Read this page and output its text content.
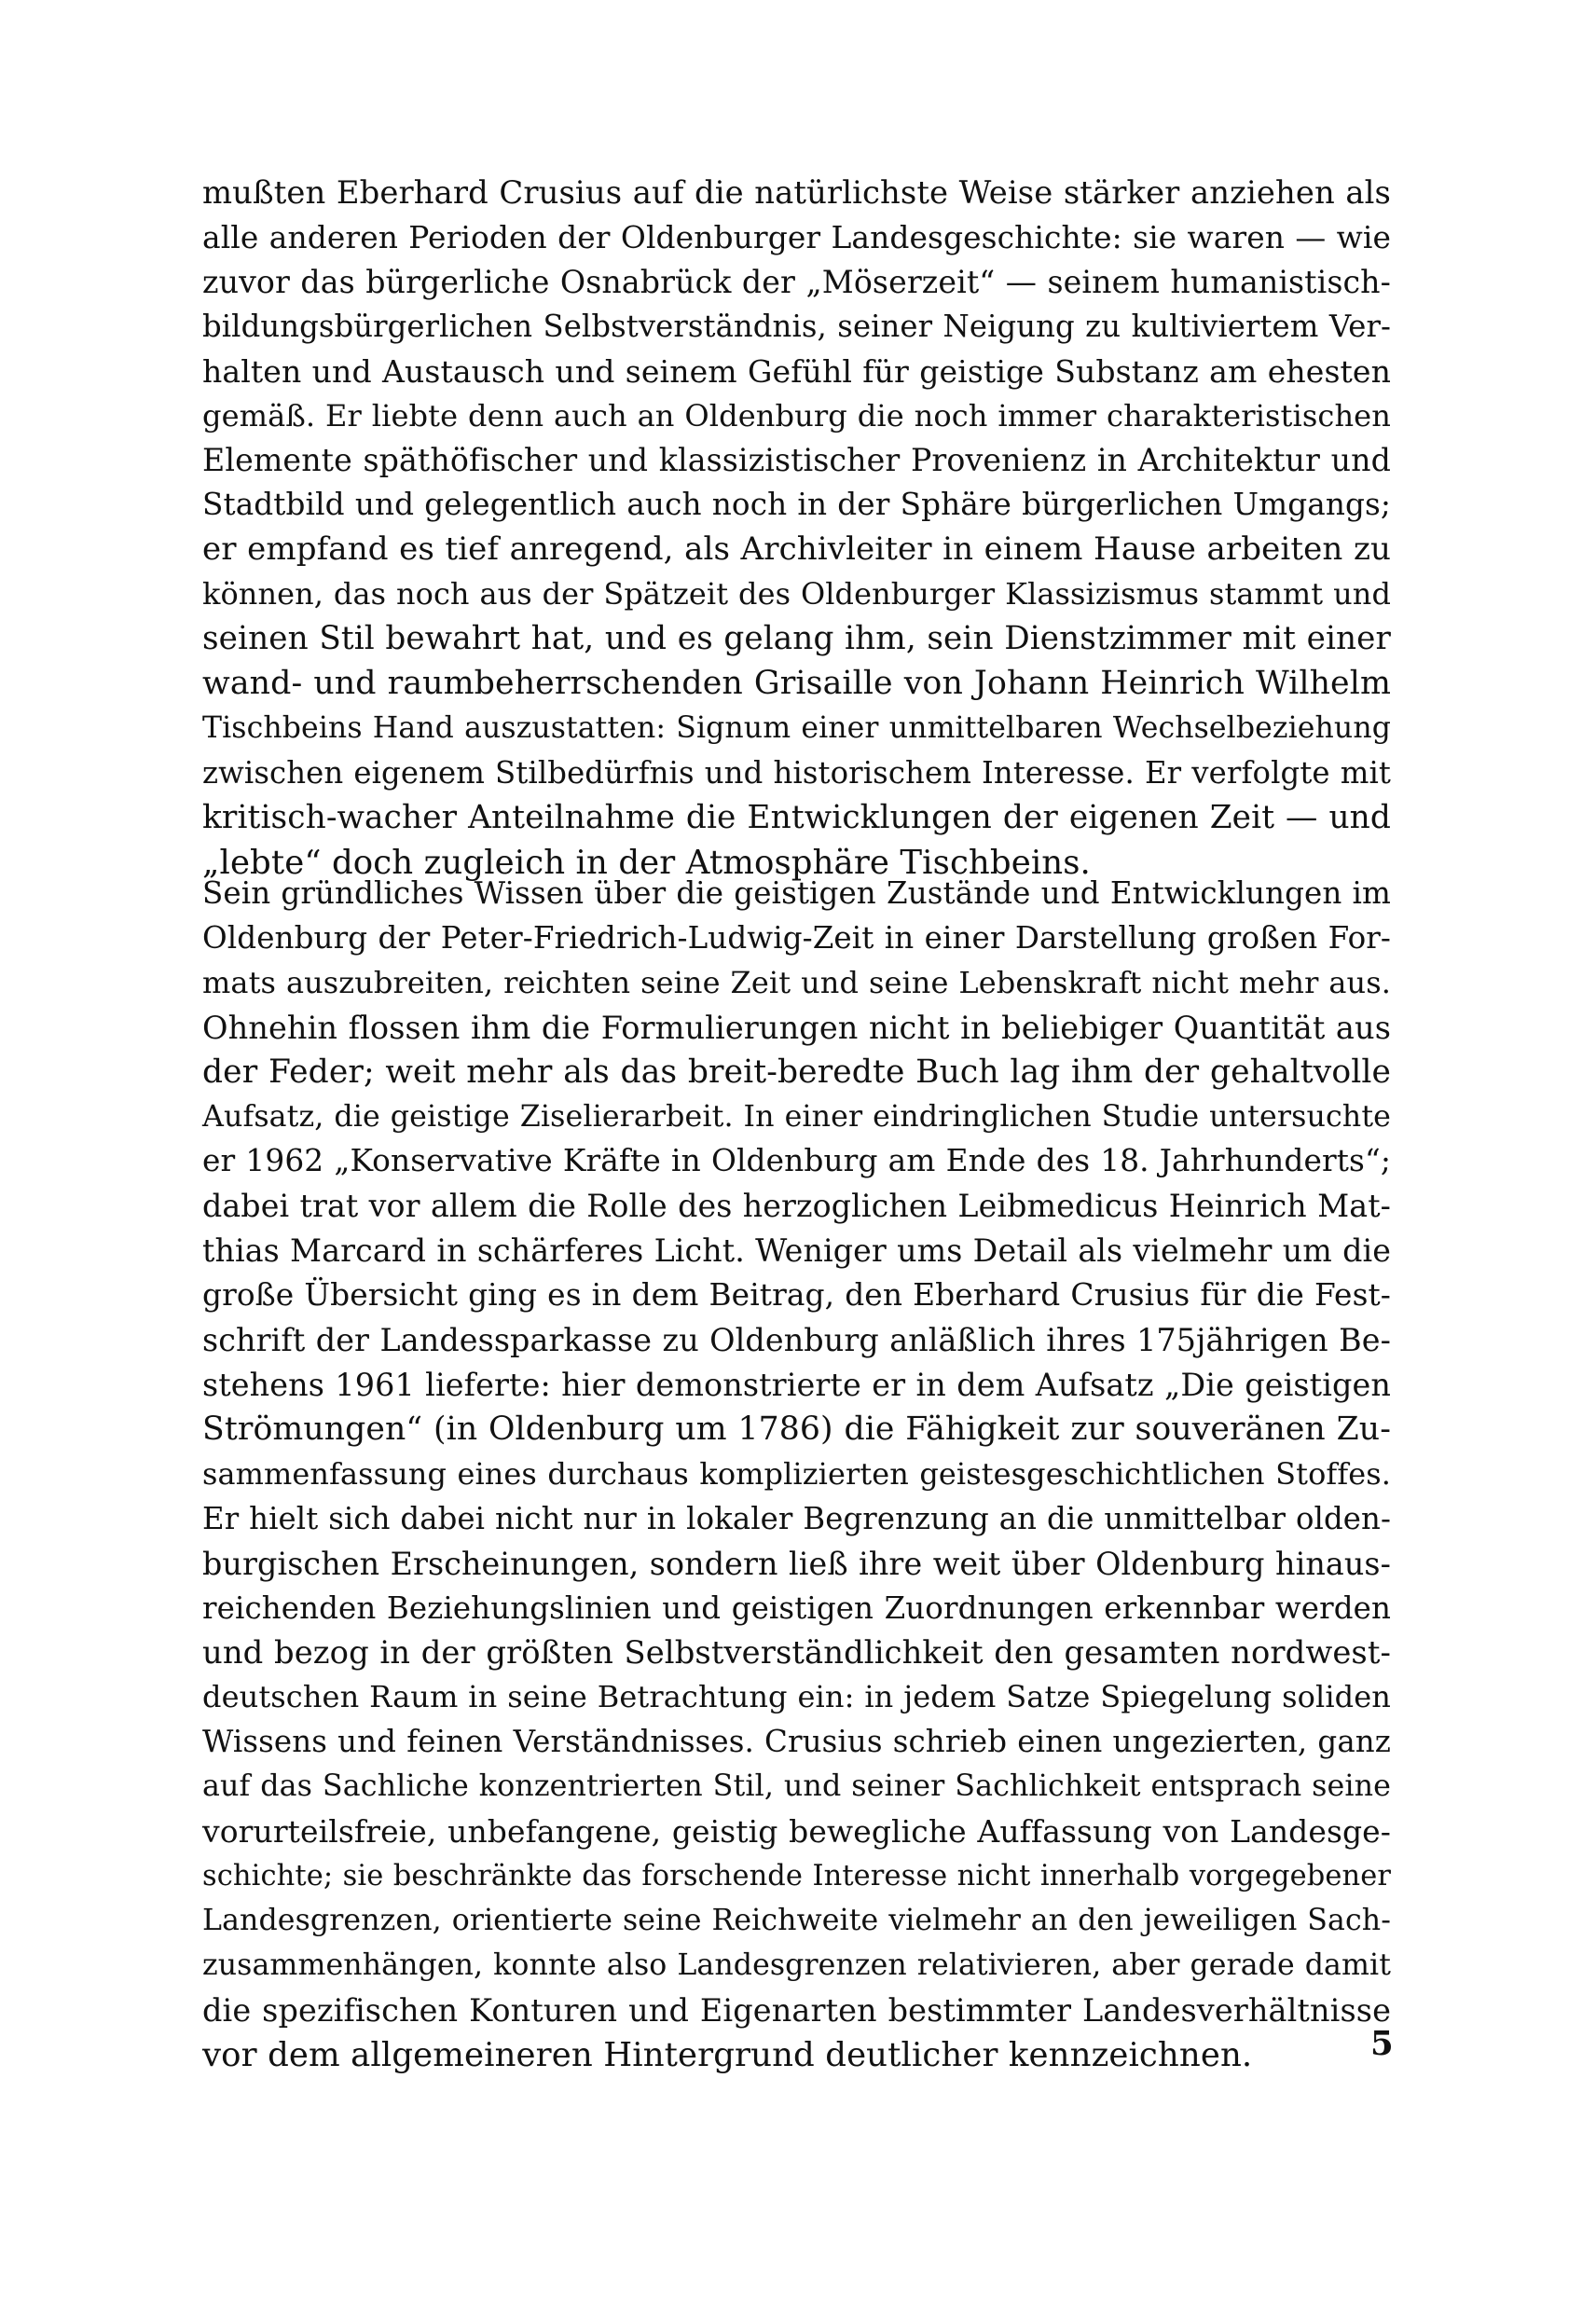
mußten Eberhard Crusius auf die natürlichste Weise stärker anziehen als
alle anderen Perioden der Oldenburger Landesgeschichte: sie waren — wie
zuvor das bürgerliche Osnabrück der „Möserzeit“ — seinem humanistisch-
bildungsbürgerlichen Selbstverständnis, seiner Neigung zu kultiviertem Ver-
halten und Austausch und seinem Gefühl für geistige Substanz am ehesten
gemäß. Er liebte denn auch an Oldenburg die noch immer charakteristischen
Elemente späthöfischer und klassizistischer Provenienz in Architektur und
Stadtbild und gelegentlich auch noch in der Sphäre bürgerlichen Umgangs;
er empfand es tief anregend, als Archivleiter in einem Hause arbeiten zu
können, das noch aus der Spätzeit des Oldenburger Klassizismus stammt und
seinen Stil bewahrt hat, und es gelang ihm, sein Dienstzimmer mit einer
wand- und raumbeherrschenden Grisaille von Johann Heinrich Wilhelm
Tischbeins Hand auszustatten: Signum einer unmittelbaren Wechselbeziehung
zwischen eigenem Stilbedürfnis und historischem Interesse. Er verfolgte mit
kritisch-wacher Anteilnahme die Entwicklungen der eigenen Zeit — und
„lebte“ doch zugleich in der Atmosphäre Tischbeins.
Sein gründliches Wissen über die geistigen Zustände und Entwicklungen im
Oldenburg der Peter-Friedrich-Ludwig-Zeit in einer Darstellung großen For-
mats auszubreiten, reichten seine Zeit und seine Lebenskraft nicht mehr aus.
Ohnehin flossen ihm die Formulierungen nicht in beliebiger Quantität aus
der Feder; weit mehr als das breit-beredte Buch lag ihm der gehaltvolle
Aufsatz, die geistige Ziselierarbeit. In einer eindringlichen Studie untersuchte
er 1962 „Konservative Kräfte in Oldenburg am Ende des 18. Jahrhunderts“;
dabei trat vor allem die Rolle des herzoglichen Leibmedicus Heinrich Mat-
thias Marcard in schärferes Licht. Weniger ums Detail als vielmehr um die
große Übersicht ging es in dem Beitrag, den Eberhard Crusius für die Fest-
schrift der Landessparkasse zu Oldenburg anläßlich ihres 175jährigen Be-
stehens 1961 lieferte: hier demonstrierte er in dem Aufsatz „Die geistigen
Strömungen“ (in Oldenburg um 1786) die Fähigkeit zur souveränen Zu-
sammenfassung eines durchaus komplizierten geistesgeschichtlichen Stoffes.
Er hielt sich dabei nicht nur in lokaler Begrenzung an die unmittelbar olden-
burgischen Erscheinungen, sondern ließ ihre weit über Oldenburg hinaus-
reichenden Beziehungslinien und geistigen Zuordnungen erkennbar werden
und bezog in der größten Selbstverständlichkeit den gesamten nordwest-
deutschen Raum in seine Betrachtung ein: in jedem Satze Spiegelung soliden
Wissens und feinen Verständnisses. Crusius schrieb einen ungezierten, ganz
auf das Sachliche konzentrierten Stil, und seiner Sachlichkeit entsprach seine
vorurteilsfreie, unbefangene, geistig bewegliche Auffassung von Landesge-
schichte; sie beschränkte das forschende Interesse nicht innerhalb vorgegebener
Landesgrenzen, orientierte seine Reichweite vielmehr an den jeweiligen Sach-
zusammenhängen, konnte also Landesgrenzen relativieren, aber gerade damit
die spezifischen Konturen und Eigenarten bestimmter Landesverhältnisse
vor dem allgemeineren Hintergrund deutlicher kennzeichnen.	5
